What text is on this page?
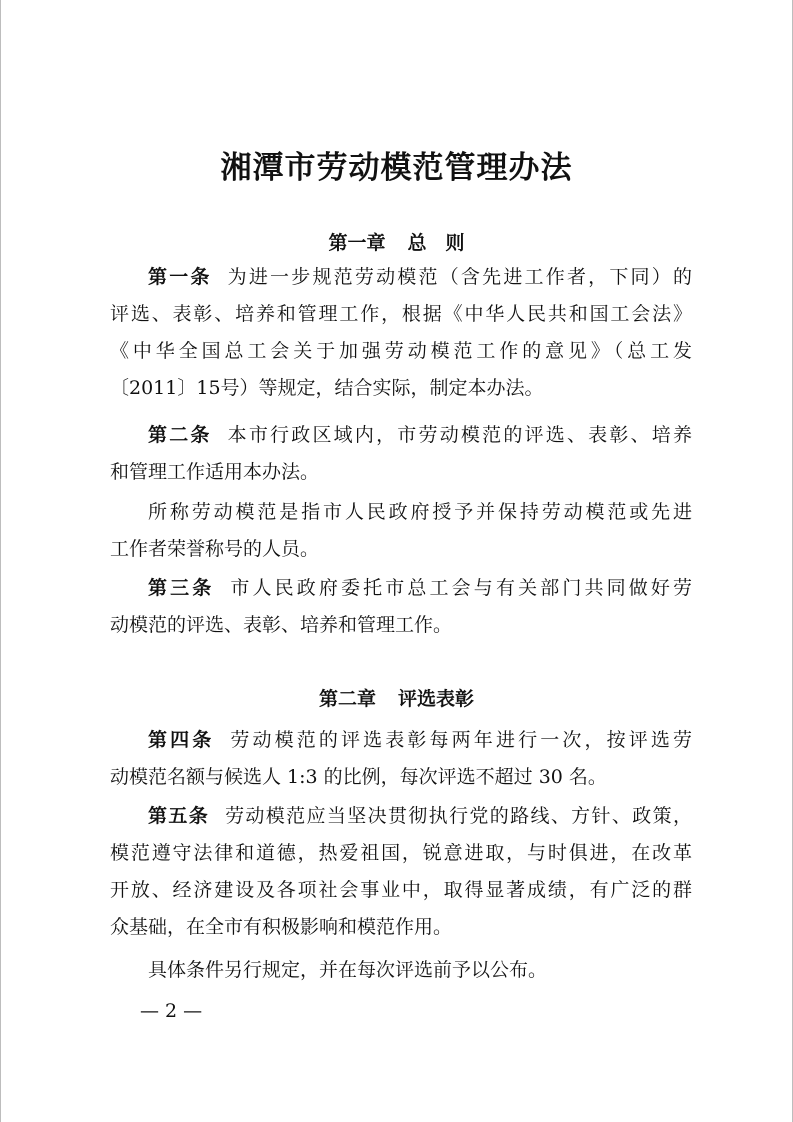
湘潭市劳动模范管理办法
第一章 总　则
第一条 为进一步规范劳动模范（含先进工作者，下同）的
评选、表彰、培养和管理工作，根据《中华人民共和国工会法》
《中华全国总工会关于加强劳动模范工作的意见》（总工发
〔2011〕15号）等规定，结合实际，制定本办法。
第二条 本市行政区域内，市劳动模范的评选、表彰、培养
和管理工作适用本办法。
所称劳动模范是指市人民政府授予并保持劳动模范或先进
工作者荣誉称号的人员。
第三条 市人民政府委托市总工会与有关部门共同做好劳
动模范的评选、表彰、培养和管理工作。
第二章 评选表彰
第四条 劳动模范的评选表彰每两年进行一次，按评选劳
动模范名额与候选人 1:3 的比例，每次评选不超过 30 名。
第五条 劳动模范应当坚决贯彻执行党的路线、方针、政策，
模范遵守法律和道德，热爱祖国，锐意进取，与时俱进，在改革
开放、经济建设及各项社会事业中，取得显著成绩，有广泛的群
众基础，在全市有积极影响和模范作用。
具体条件另行规定，并在每次评选前予以公布。
— 2 —
